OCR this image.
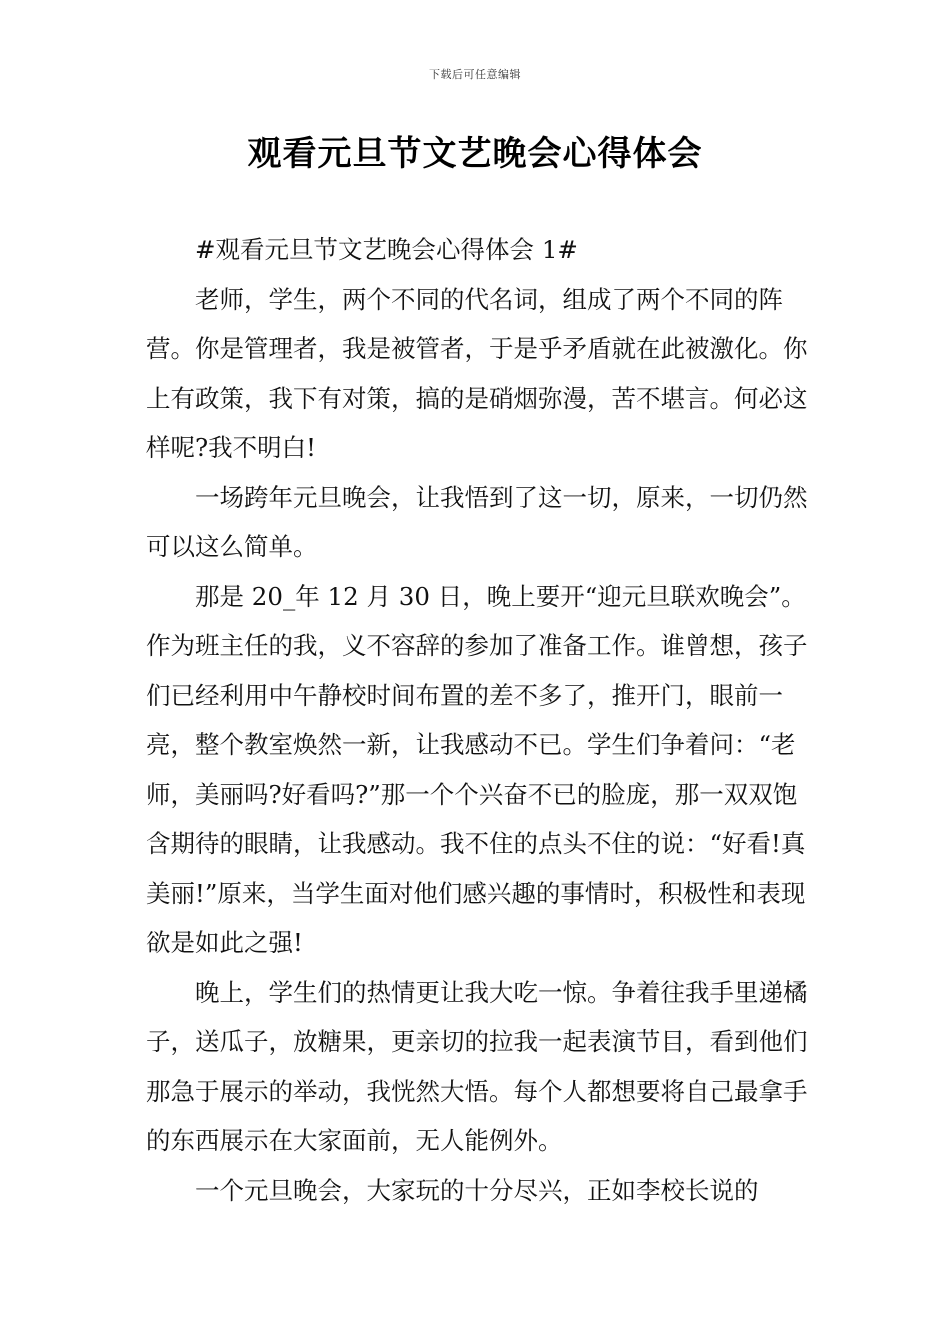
下载后可任意编辑
观看元旦节文艺晚会心得体会

#观看元旦节文艺晚会心得体会 1#

老师，学生，两个不同的代名词，组成了两个不同的阵营。你是管理者，我是被管者，于是乎矛盾就在此被激化。你上有政策，我下有对策，搞的是硝烟弥漫，苦不堪言。何必这样呢?我不明白!

一场跨年元旦晚会，让我悟到了这一切，原来，一切仍然可以这么简单。

那是 20_年 12 月 30 日，晚上要开“迎元旦联欢晚会”。作为班主任的我，义不容辞的参加了准备工作。谁曾想，孩子们已经利用中午静校时间布置的差不多了，推开门，眼前一亮，整个教室焕然一新，让我感动不已。学生们争着问：“老师，美丽吗?好看吗?”那一个个兴奋不已的脸庞，那一双双饱含期待的眼睛，让我感动。我不住的点头不住的说：“好看!真美丽!”原来，当学生面对他们感兴趣的事情时，积极性和表现欲是如此之强!

晚上，学生们的热情更让我大吃一惊。争着往我手里递橘子，送瓜子，放糖果，更亲切的拉我一起表演节目，看到他们那急于展示的举动，我恍然大悟。每个人都想要将自己最拿手的东西展示在大家面前，无人能例外。

一个元旦晚会，大家玩的十分尽兴，正如李校长说的
